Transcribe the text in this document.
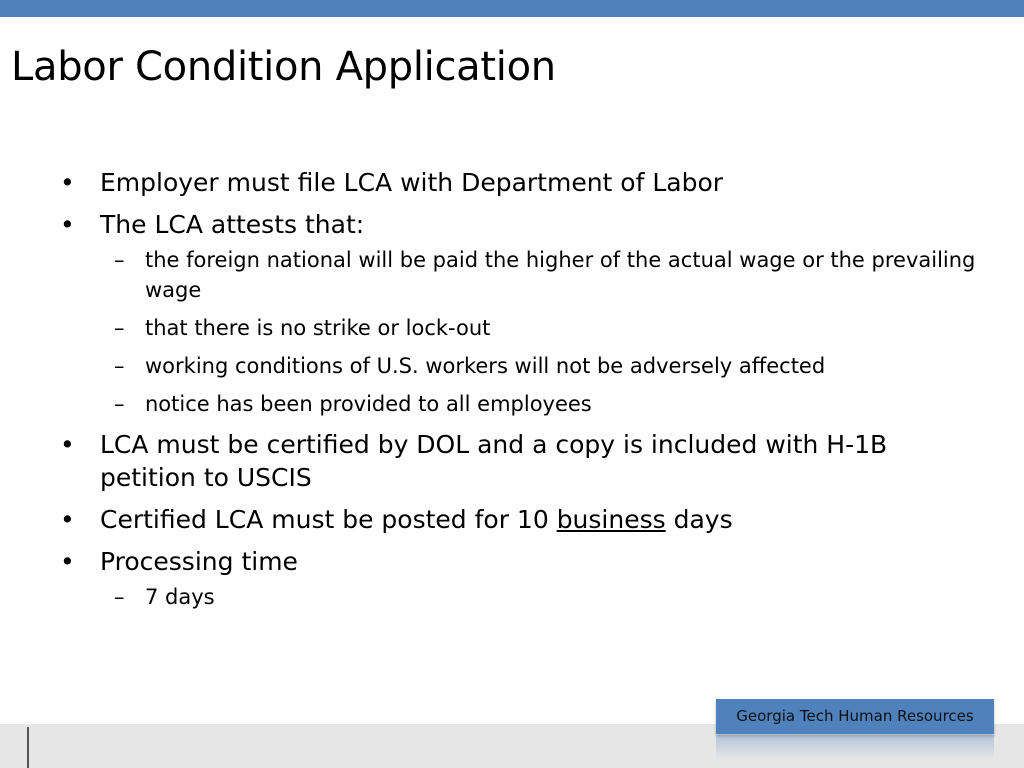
Labor Condition Application
• Employer must file LCA with Department of Labor
• The LCA attests that:
– the foreign national will be paid the higher of the actual wage or the prevailing wage
– that there is no strike or lock-out
– working conditions of U.S. workers will not be adversely affected
– notice has been provided to all employees
• LCA must be certified by DOL and a copy is included with H-1B petition to USCIS
• Certified LCA must be posted for 10 business days
• Processing time
– 7 days
Georgia Tech Human Resources
